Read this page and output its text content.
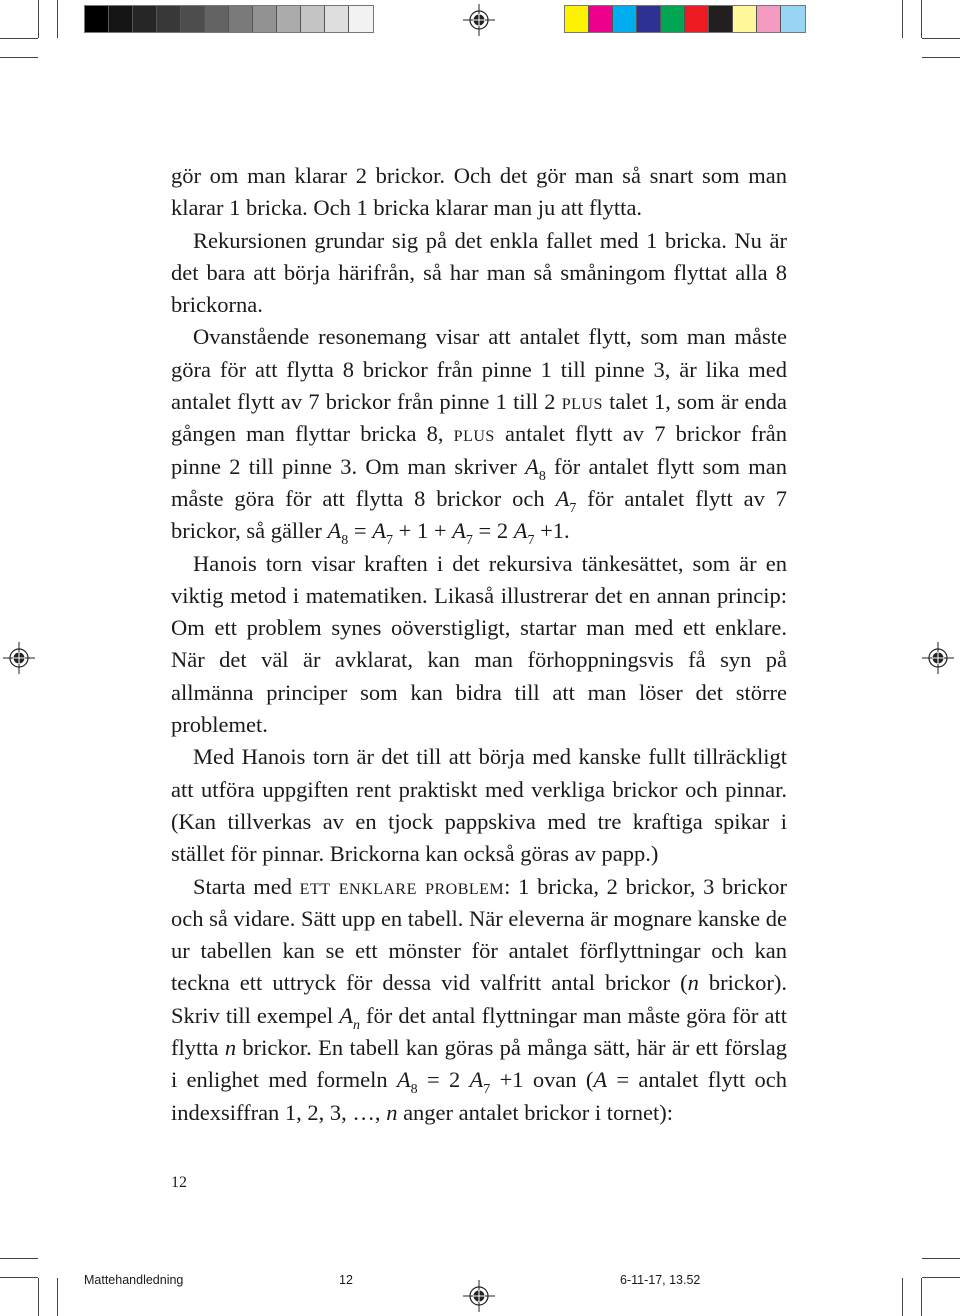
gör om man klarar 2 brickor. Och det gör man så snart som man klarar 1 bricka. Och 1 bricka klarar man ju att flytta.

Rekursionen grundar sig på det enkla fallet med 1 bricka. Nu är det bara att börja härifrån, så har man så småningom flyttat alla 8 brickorna.

Ovanstående resonemang visar att antalet flytt, som man måste göra för att flytta 8 brickor från pinne 1 till pinne 3, är lika med antalet flytt av 7 brickor från pinne 1 till 2 plus talet 1, som är enda gången man flyttar bricka 8, plus antalet flytt av 7 brickor från pinne 2 till pinne 3. Om man skriver $A_8$ för antalet flytt som man måste göra för att flytta 8 brickor och $A_7$ för antalet flytt av 7 brickor, så gäller $A_8 = A_7 + 1 + A_7 = 2$ $A_7 +1$.

Hanois torn visar kraften i det rekursiva tänkesättet, som är en viktig metod i matematiken. Likaså illustrerar det en annan princip: Om ett problem synes oöverstigligt, startar man med ett enklare. När det väl är avklarat, kan man förhoppningsvis få syn på allmänna principer som kan bidra till att man löser det större problemet.

Med Hanois torn är det till att börja med kanske fullt tillräckligt att utföra uppgiften rent praktiskt med verkliga brickor och pinnar. (Kan tillverkas av en tjock pappskiva med tre kraftiga spikar i stället för pinnar. Brickorna kan också göras av papp.)

Starta med ett enklare problem: 1 bricka, 2 brickor, 3 brickor och så vidare. Sätt upp en tabell. När eleverna är mognare kanske de ur tabellen kan se ett mönster för antalet förflyttningar och kan teckna ett uttryck för dessa vid valfritt antal brickor (n brickor). Skriv till exempel $A_n$ för det antal flyttningar man måste göra för att flytta n brickor. En tabell kan göras på många sätt, här är ett förslag i enlighet med formeln $A_8 = 2$ $A_7 +1$ ovan (A = antalet flytt och indexsiffran 1, 2, 3, …, n anger antalet brickor i tornet):

12
Mattehandledning	12	6-11-17, 13.52
